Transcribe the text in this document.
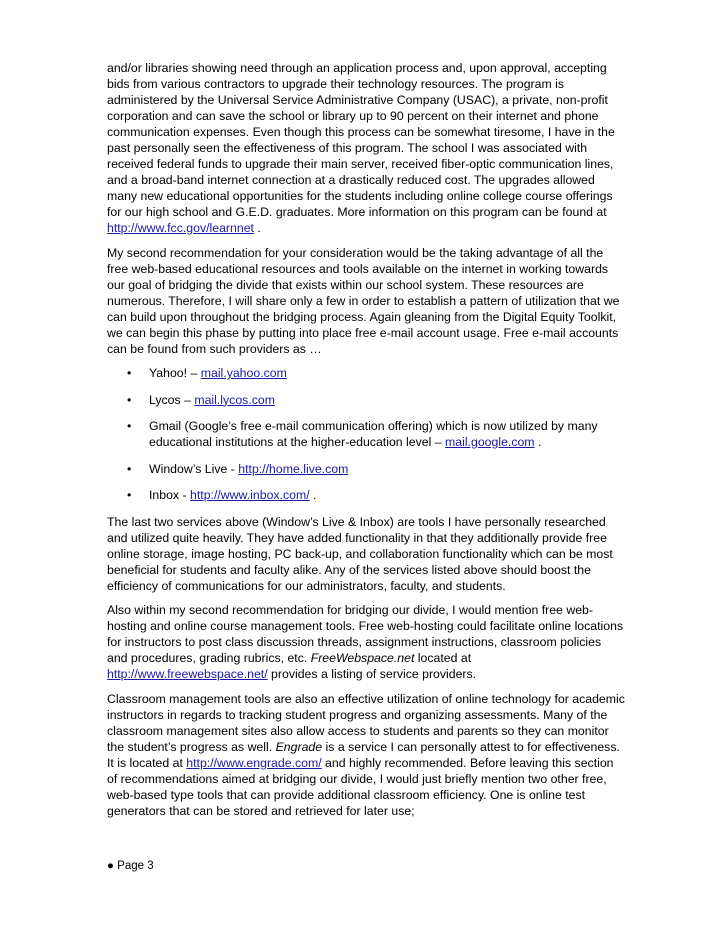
and/or libraries showing need through an application process and, upon approval, accepting bids from various contractors to upgrade their technology resources. The program is administered by the Universal Service Administrative Company (USAC), a private, non-profit corporation and can save the school or library up to 90 percent on their internet and phone communication expenses. Even though this process can be somewhat tiresome, I have in the past personally seen the effectiveness of this program. The school I was associated with received federal funds to upgrade their main server, received fiber-optic communication lines, and a broad-band internet connection at a drastically reduced cost. The upgrades allowed many new educational opportunities for the students including online college course offerings for our high school and G.E.D. graduates. More information on this program can be found at http://www.fcc.gov/learnnet .

My second recommendation for your consideration would be the taking advantage of all the free web-based educational resources and tools available on the internet in working towards our goal of bridging the divide that exists within our school system. These resources are numerous. Therefore, I will share only a few in order to establish a pattern of utilization that we can build upon throughout the bridging process. Again gleaning from the Digital Equity Toolkit, we can begin this phase by putting into place free e-mail account usage. Free e-mail accounts can be found from such providers as …

• Yahoo! – mail.yahoo.com
• Lycos – mail.lycos.com
• Gmail (Google’s free e-mail communication offering) which is now utilized by many educational institutions at the higher-education level – mail.google.com .
• Window’s Live - http://home.live.com
• Inbox - http://www.inbox.com/ .

The last two services above (Window’s Live & Inbox) are tools I have personally researched and utilized quite heavily. They have added functionality in that they additionally provide free online storage, image hosting, PC back-up, and collaboration functionality which can be most beneficial for students and faculty alike. Any of the services listed above should boost the efficiency of communications for our administrators, faculty, and students.

Also within my second recommendation for bridging our divide, I would mention free web-hosting and online course management tools. Free web-hosting could facilitate online locations for instructors to post class discussion threads, assignment instructions, classroom policies and procedures, grading rubrics, etc. FreeWebspace.net located at http://www.freewebspace.net/ provides a listing of service providers.

Classroom management tools are also an effective utilization of online technology for academic instructors in regards to tracking student progress and organizing assessments. Many of the classroom management sites also allow access to students and parents so they can monitor the student’s progress as well. Engrade is a service I can personally attest to for effectiveness. It is located at http://www.engrade.com/ and highly recommended. Before leaving this section of recommendations aimed at bridging our divide, I would just briefly mention two other free, web-based type tools that can provide additional classroom efficiency. One is online test generators that can be stored and retrieved for later use;

● Page 3
